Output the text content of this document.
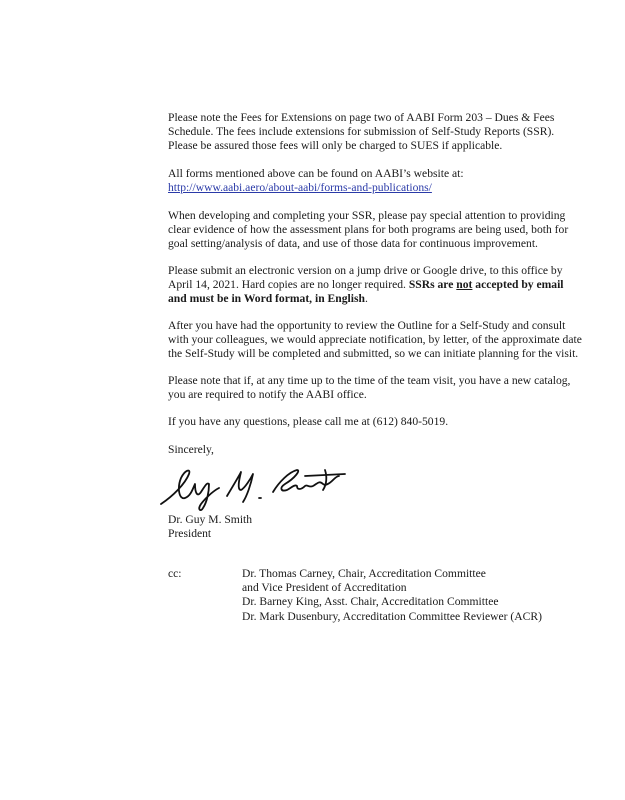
Please note the Fees for Extensions on page two of AABI Form 203 – Dues & Fees
Schedule. The fees include extensions for submission of Self-Study Reports (SSR).
Please be assured those fees will only be charged to SUES if applicable.

All forms mentioned above can be found on AABI’s website at:
http://www.aabi.aero/about-aabi/forms-and-publications/

When developing and completing your SSR, please pay special attention to providing
clear evidence of how the assessment plans for both programs are being used, both for
goal setting/analysis of data, and use of those data for continuous improvement.

Please submit an electronic version on a jump drive or Google drive, to this office by
April 14, 2021. Hard copies are no longer required. SSRs are not accepted by email
and must be in Word format, in English.

After you have had the opportunity to review the Outline for a Self-Study and consult
with your colleagues, we would appreciate notification, by letter, of the approximate date
the Self-Study will be completed and submitted, so we can initiate planning for the visit.

Please note that if, at any time up to the time of the team visit, you have a new catalog,
you are required to notify the AABI office.

If you have any questions, please call me at (612) 840-5019.

Sincerely,

Dr. Guy M. Smith
President

cc:	Dr. Thomas Carney, Chair, Accreditation Committee
and Vice President of Accreditation
Dr. Barney King, Asst. Chair, Accreditation Committee
Dr. Mark Dusenbury, Accreditation Committee Reviewer (ACR)
